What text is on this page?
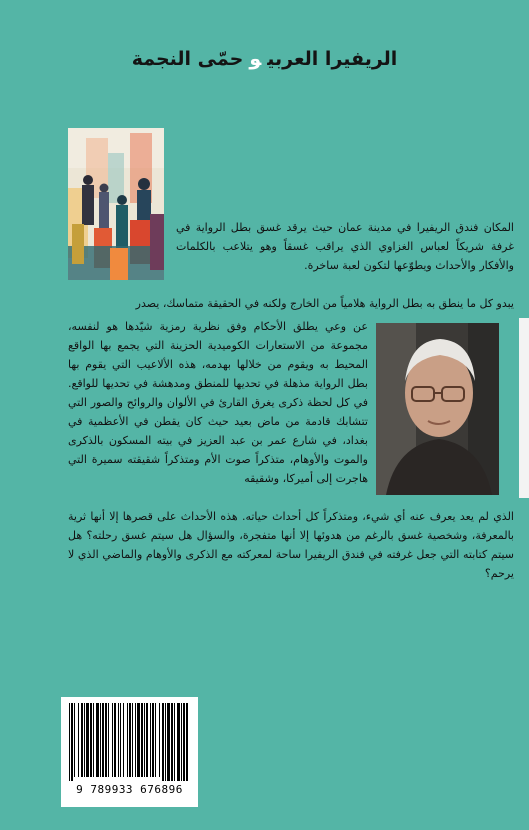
الريفيرا العربيوحمّى النجمة

المكان فندق الريفيرا في مدينة عمان حيث يرقد غسق بطل الرواية في غرفة شريكاً لعباس الغزاوي الذي يراقب غسقاً وهو يتلاعب بالكلمات والأفكار والأحداث ويطوّعها لتكون لعبة ساخرة.

يبدو كل ما ينطق به بطل الرواية هلامياً من الخارج ولكنه في الحقيقة متماسك، يصدر

عن وعي يطلق الأحكام وفق نظرية رمزية شيّدها هو لنفسه، مجموعة من الاستعارات الكوميدية الحزينة التي يجمع بها الواقع المحيط به ويقوم من خلالها بهدمه، هذه الألاعيب التي يقوم بها بطل الرواية مذهلة في تحديها للمنطق ومدهشة في تحديها للواقع. في كل لحظة ذكرى يغرق القارئ في الألوان والروائح والصور التي تتشابك قادمة من ماض بعيد حيث كان يقطن في الأعظمية في بغداد، في شارع عمر بن عبد العزيز في بيته المسكون بالذكرى والموت والأوهام، متذكراً صوت الأم ومتذكراً شقيقته سميرة التي هاجرت إلى أميركا، وشقيقه

الذي لم يعد يعرف عنه أي شيء، ومتذكراً كل أحداث حياته. هذه الأحداث على قصرها إلا أنها ثرية بالمعرفة، وشخصية غسق بالرغم من هدوئها إلا أنها متفجرة، والسؤال هل سيتم غسق رحلته؟ هل سيتم كتابته التي جعل غرفته في فندق الريفيرا ساحة لمعركته مع الذكرى والأوهام والماضي الذي لا يرحم؟

9 789933 676896
